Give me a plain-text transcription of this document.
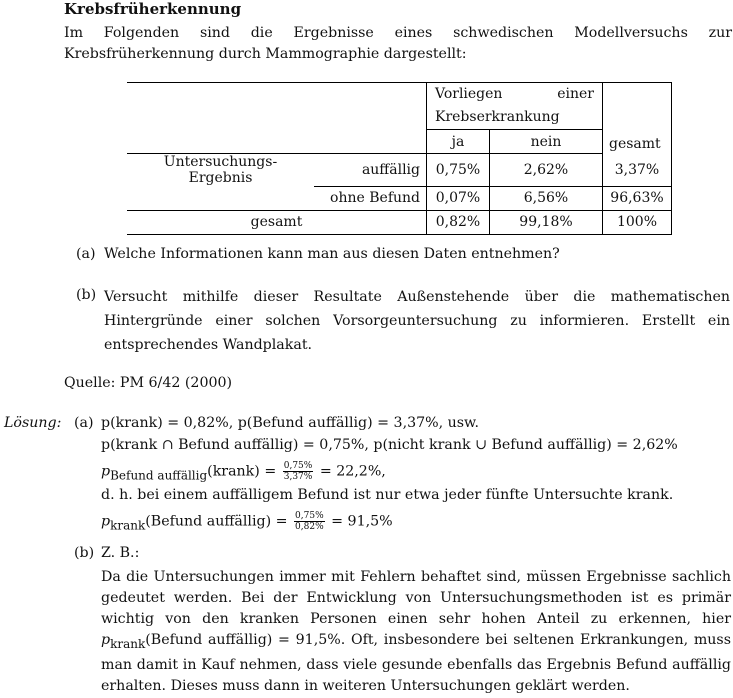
Krebsfrüherkennung
Im Folgenden sind die Ergebnisse eines schwedischen Modellversuchs zur Krebsfrüherkennung durch Mammographie dargestellt:

		Vorliegen einer
Krebserkrankung		gesamt
		ja	nein	
Untersuchungs-Ergebnis	auffällig	0,75%	2,62%	3,37%
	ohne Befund	0,07%	6,56%	96,63%
gesamt		0,82%	99,18%	100%
(a) Welche Informationen kann man aus diesen Daten entnehmen?
(b) Versucht mithilfe dieser Resultate Außenstehende über die mathematischen Hintergründe einer solchen Vorsorgeuntersuchung zu informieren. Erstellt ein entsprechendes Wandplakat.
Quelle: PM 6/42 (2000)
Lösung: (a) p(krank) = 0,82%, p(Befund auffällig) = 3,37%, usw.
p(krank ∩ Befund auffällig) = 0,75%, p(nicht krank ∪ Befund auffällig) = 2,62%
$p_{Befund auffällig}(krank) = \frac{0,75\%}{3,37\%} = 22,2\%$,
d. h. bei einem auffälligem Befund ist nur etwa jeder fünfte Untersuchte krank.
$p_{krank}(Befund$ auffällig) = $\frac{0,75\%}{0,82\%} = 91,5\%$
(b) Z. B.:
Da die Untersuchungen immer mit Fehlern behaftet sind, müssen Ergebnisse sachlich gedeutet werden. Bei der Entwicklung von Untersuchungsmethoden ist es primär wichtig von den kranken Personen einen sehr hohen Anteil zu erkennen, hier $p_{krank}(Befund$ auffällig) = 91,5%. Oft, insbesondere bei seltenen Erkrankungen, muss man damit in Kauf nehmen, dass viele gesunde ebenfalls das Ergebnis Befund auffällig erhalten. Dieses muss dann in weiteren Untersuchungen geklärt werden.
